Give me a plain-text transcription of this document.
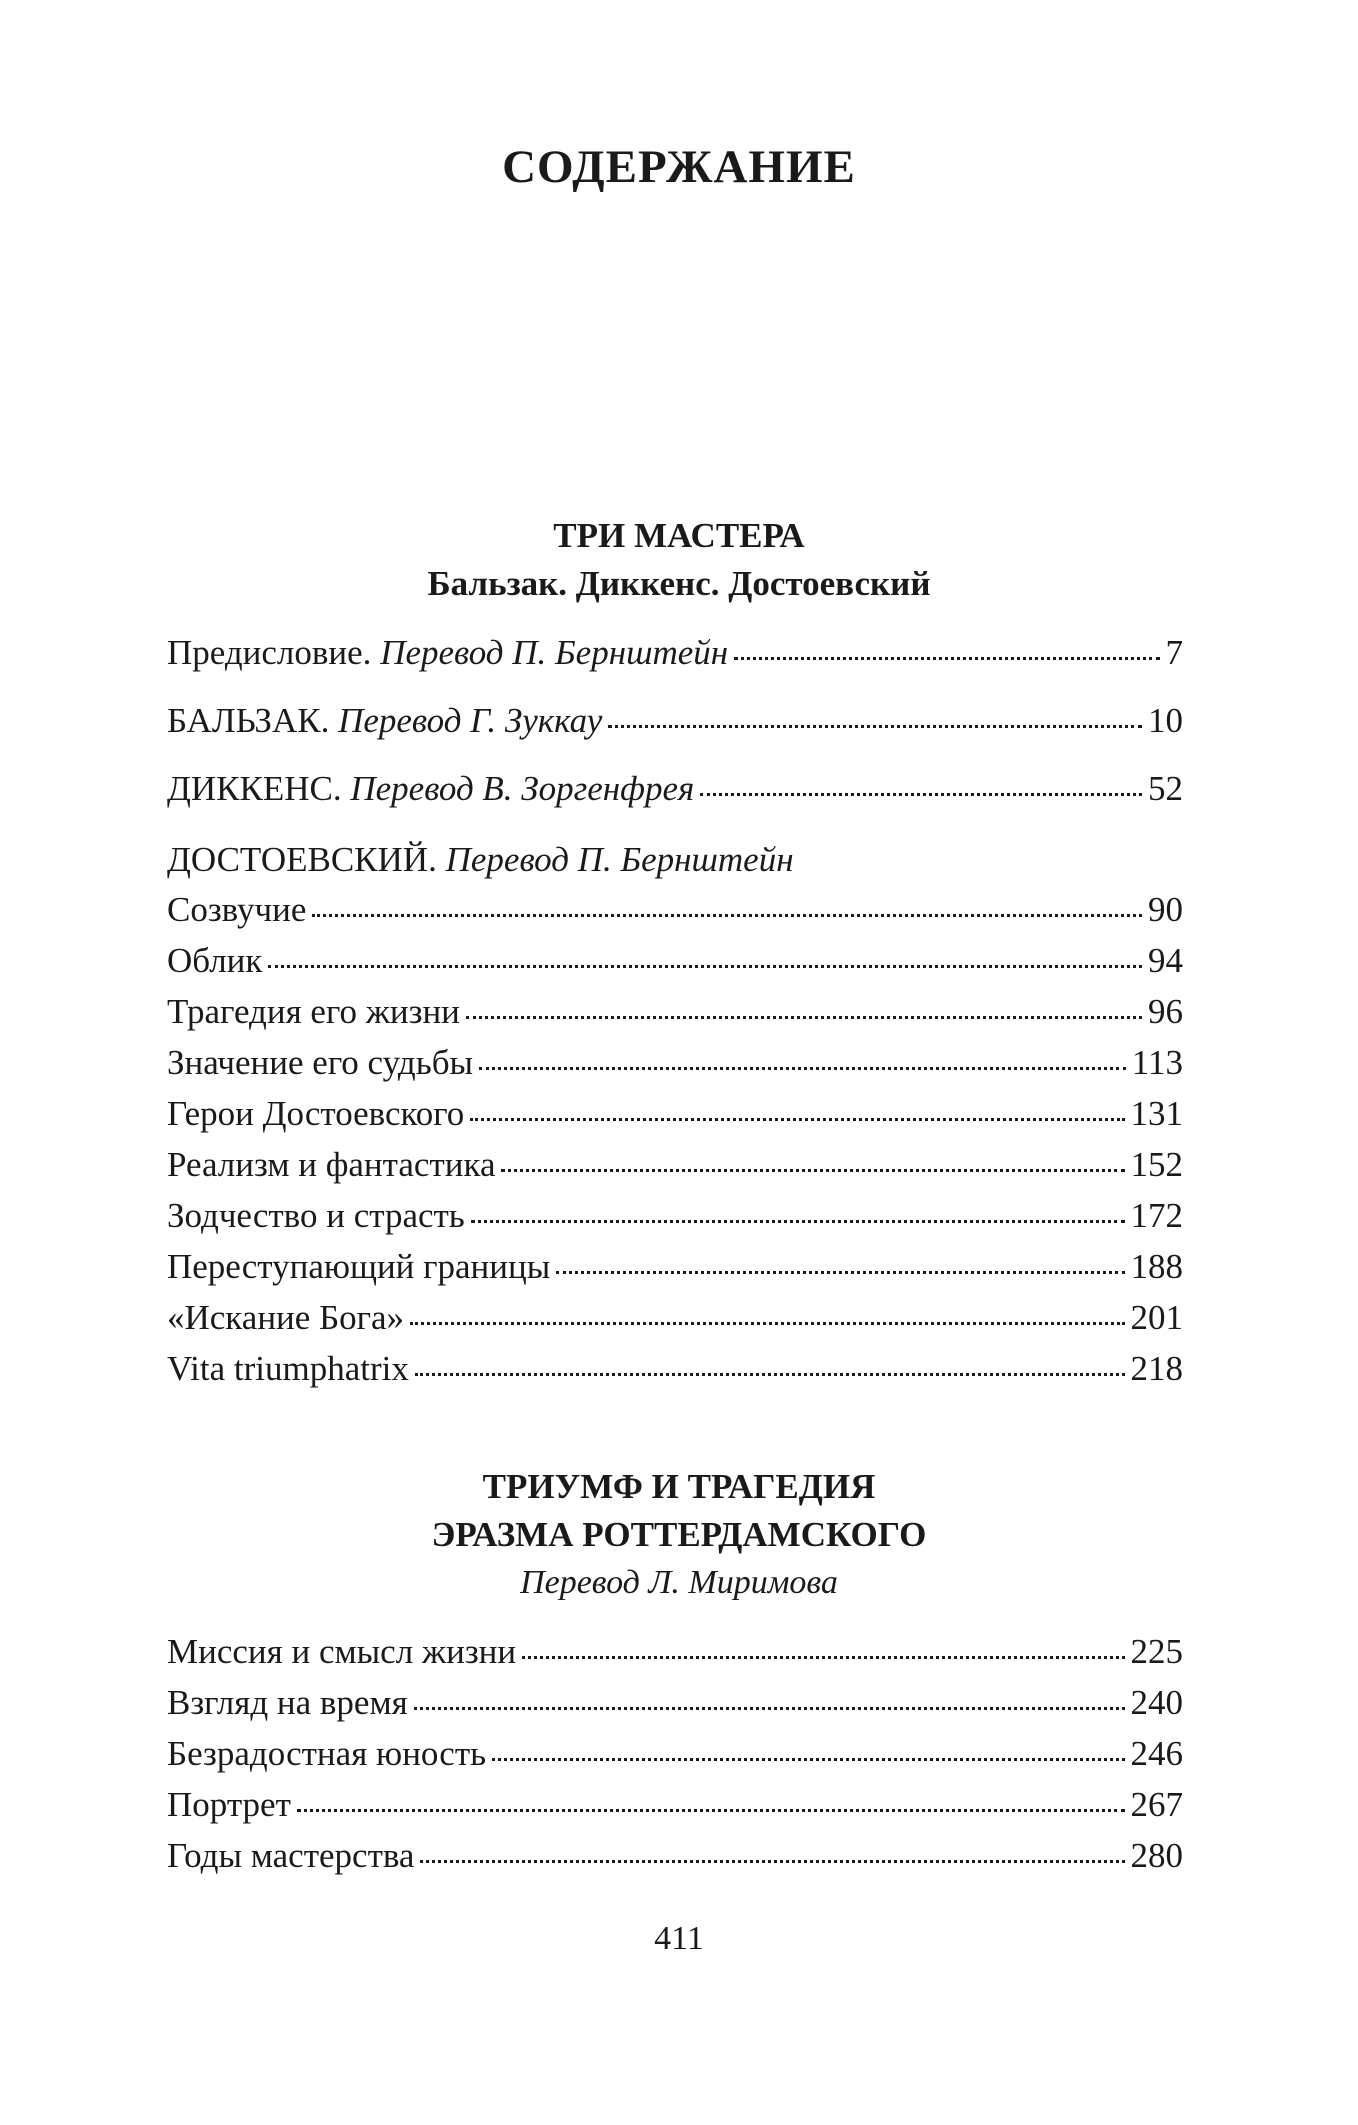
СОДЕРЖАНИЕ
ТРИ МАСТЕРА
Бальзак. Диккенс. Достоевский
Предисловие. Перевод П. Бернштейн	7
БАЛЬЗАК. Перевод Г. Зуккау	10
ДИККЕНС. Перевод В. Зоргенфрея	52
ДОСТОЕВСКИЙ. Перевод П. Бернштейн
Созвучие	90
Облик	94
Трагедия его жизни	96
Значение его судьбы	113
Герои Достоевского	131
Реализм и фантастика	152
Зодчество и страсть	172
Переступающий границы	188
«Искание Бога»	201
Vita triumphatrix	218
ТРИУМФ И ТРАГЕДИЯ
ЭРАЗМА РОТТЕРДАМСКОГО
Перевод Л. Миримова
Миссия и смысл жизни	225
Взгляд на время	240
Безрадостная юность	246
Портрет	267
Годы мастерства	280
411
